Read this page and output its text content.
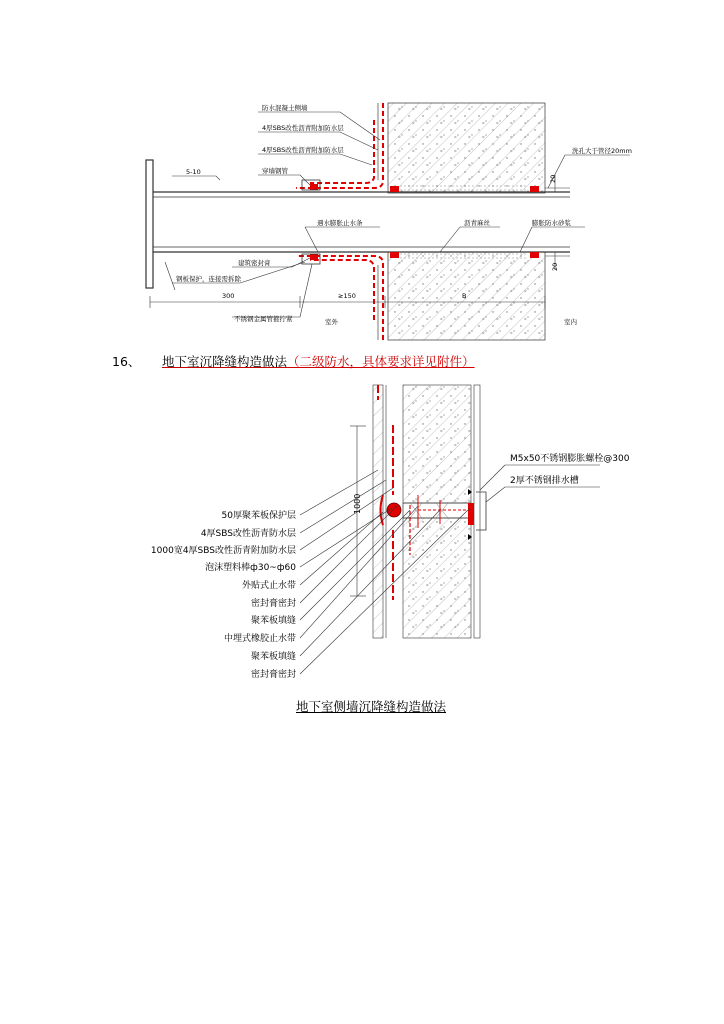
防水混凝土侧墙
4厚SBS改性沥青附加防水层
4厚SBS改性沥青附加防水层
穿墙钢管
5-10
洗孔大于管径20mm
20
遇水膨胀止水条	沥青麻丝	膨胀防水砂浆
建筑密封膏
钢板保护，连接需拆除
300	≥150	B
20
不锈钢金属管箍拧紧	室外	室内
16、 地下室沉降缝构造做法（二级防水，具体要求详见附件）
1000
50厚聚苯板保护层
4厚SBS改性沥青防水层
1000宽4厚SBS改性沥青附加防水层
泡沫塑料棒ф30~ф60
外贴式止水带
密封膏密封
聚苯板填缝
中埋式橡胶止水带
聚苯板填缝
密封膏密封
M5x50不锈钢膨胀螺栓@300
2厚不锈钢排水槽
地下室侧墙沉降缝构造做法
